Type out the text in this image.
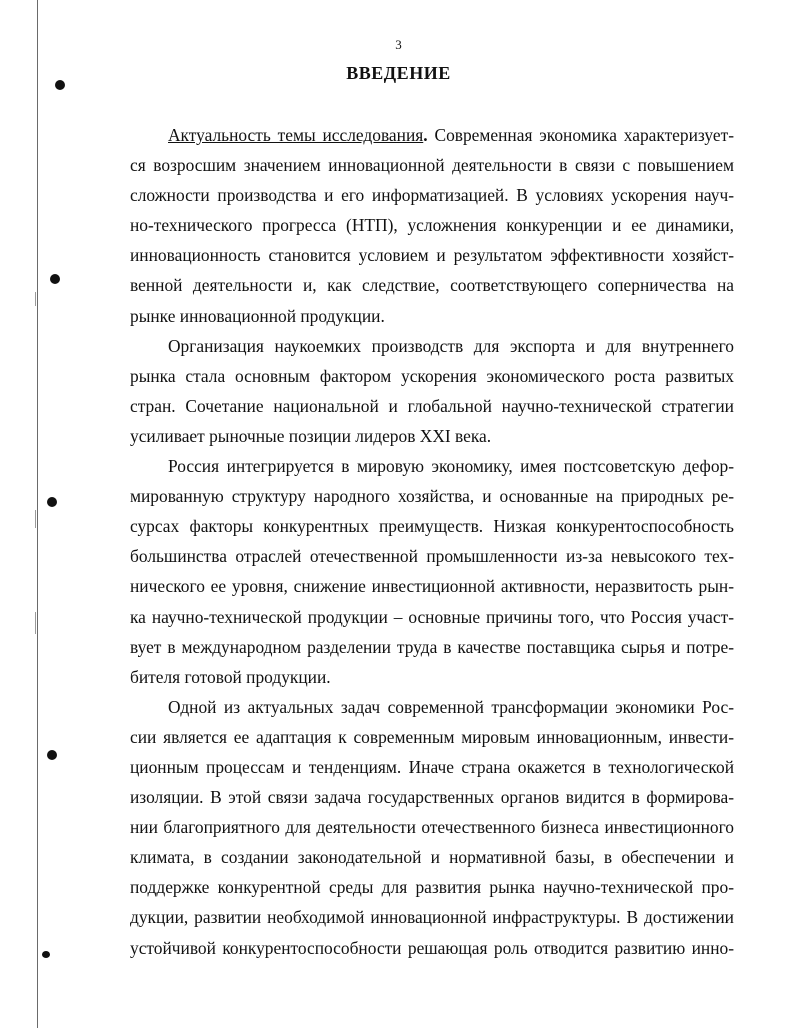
3
ВВЕДЕНИЕ
Актуальность темы исследования. Современная экономика характеризует-
ся возросшим значением инновационной деятельности в связи с повышением
сложности производства и его информатизацией. В условиях ускорения науч-
но-технического прогресса (НТП), усложнения конкуренции и ее динамики,
инновационность становится условием и результатом эффективности хозяйст-
венной деятельности и, как следствие, соответствующего соперничества на
рынке инновационной продукции.
Организация наукоемких производств для экспорта и для внутреннего
рынка стала основным фактором ускорения экономического роста развитых
стран. Сочетание национальной и глобальной научно-технической стратегии
усиливает рыночные позиции лидеров XXI века.
Россия интегрируется в мировую экономику, имея постсоветскую дефор-
мированную структуру народного хозяйства, и основанные на природных ре-
сурсах факторы конкурентных преимуществ. Низкая конкурентоспособность
большинства отраслей отечественной промышленности из-за невысокого тех-
нического ее уровня, снижение инвестиционной активности, неразвитость рын-
ка научно-технической продукции – основные причины того, что Россия участ-
вует в международном разделении труда в качестве поставщика сырья и потре-
бителя готовой продукции.
Одной из актуальных задач современной трансформации экономики Рос-
сии является ее адаптация к современным мировым инновационным, инвести-
ционным процессам и тенденциям. Иначе страна окажется в технологической
изоляции. В этой связи задача государственных органов видится в формирова-
нии благоприятного для деятельности отечественного бизнеса инвестиционного
климата, в создании законодательной и нормативной базы, в обеспечении и
поддержке конкурентной среды для развития рынка научно-технической про-
дукции, развитии необходимой инновационной инфраструктуры. В достижении
устойчивой конкурентоспособности решающая роль отводится развитию инно-
